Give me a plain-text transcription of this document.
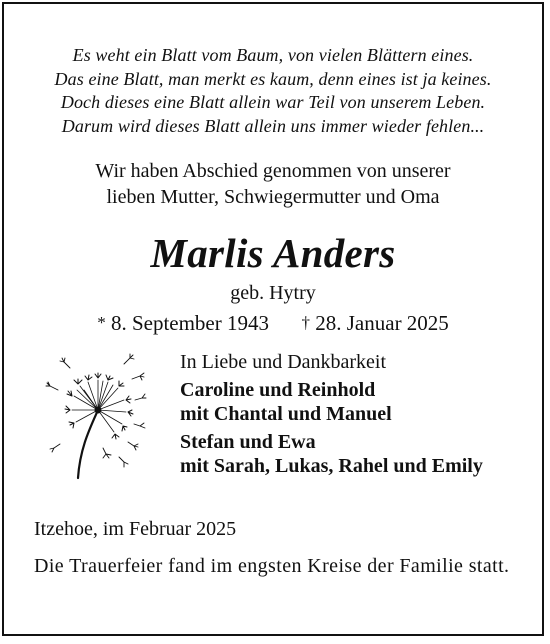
Es weht ein Blatt vom Baum, von vielen Blättern eines.
Das eine Blatt, man merkt es kaum, denn eines ist ja keines.
Doch dieses eine Blatt allein war Teil von unserem Leben.
Darum wird dieses Blatt allein uns immer wieder fehlen...
Wir haben Abschied genommen von unserer
lieben Mutter, Schwiegermutter und Oma
Marlis Anders
geb. Hytry
* 8. September 1943 † 28. Januar 2025
In Liebe und Dankbarkeit
Caroline und Reinhold
mit Chantal und Manuel
Stefan und Ewa
mit Sarah, Lukas, Rahel und Emily
Itzehoe, im Februar 2025
Die Trauerfeier fand im engsten Kreise der Familie statt.
